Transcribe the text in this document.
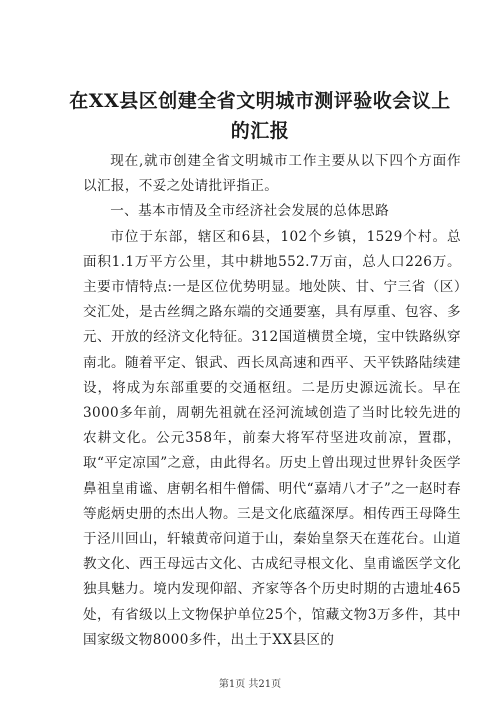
在XX县区创建全省文明城市测评验收会议上的汇报

现在,就市创建全省文明城市工作主要从以下四个方面作以汇报，不妥之处请批评指正。

一、基本市情及全市经济社会发展的总体思路

市位于东部，辖区和6县，102个乡镇，1529个村。总面积1.1万平方公里，其中耕地552.7万亩，总人口226万。主要市情特点:一是区位优势明显。地处陕、甘、宁三省（区）交汇处，是古丝绸之路东端的交通要塞，具有厚重、包容、多元、开放的经济文化特征。312国道横贯全境，宝中铁路纵穿南北。随着平定、银武、西长凤高速和西平、天平铁路陆续建设，将成为东部重要的交通枢纽。二是历史源远流长。早在3000多年前，周朝先祖就在泾河流域创造了当时比较先进的农耕文化。公元358年，前秦大将军苻坚进攻前凉，置郡，取“平定凉国”之意，由此得名。历史上曾出现过世界针灸医学鼻祖皇甫谧、唐朝名相牛僧儒、明代“嘉靖八才子”之一赵时春等彪炳史册的杰出人物。三是文化底蕴深厚。相传西王母降生于泾川回山，轩辕黄帝问道于山，秦始皇祭天在莲花台。山道教文化、西王母远古文化、古成纪寻根文化、皇甫谧医学文化独具魅力。境内发现仰韶、齐家等各个历史时期的古遗址465处，有省级以上文物保护单位25个，馆藏文物3万多件，其中国家级文物8000多件，出土于XX县区的

第1页 共21页
